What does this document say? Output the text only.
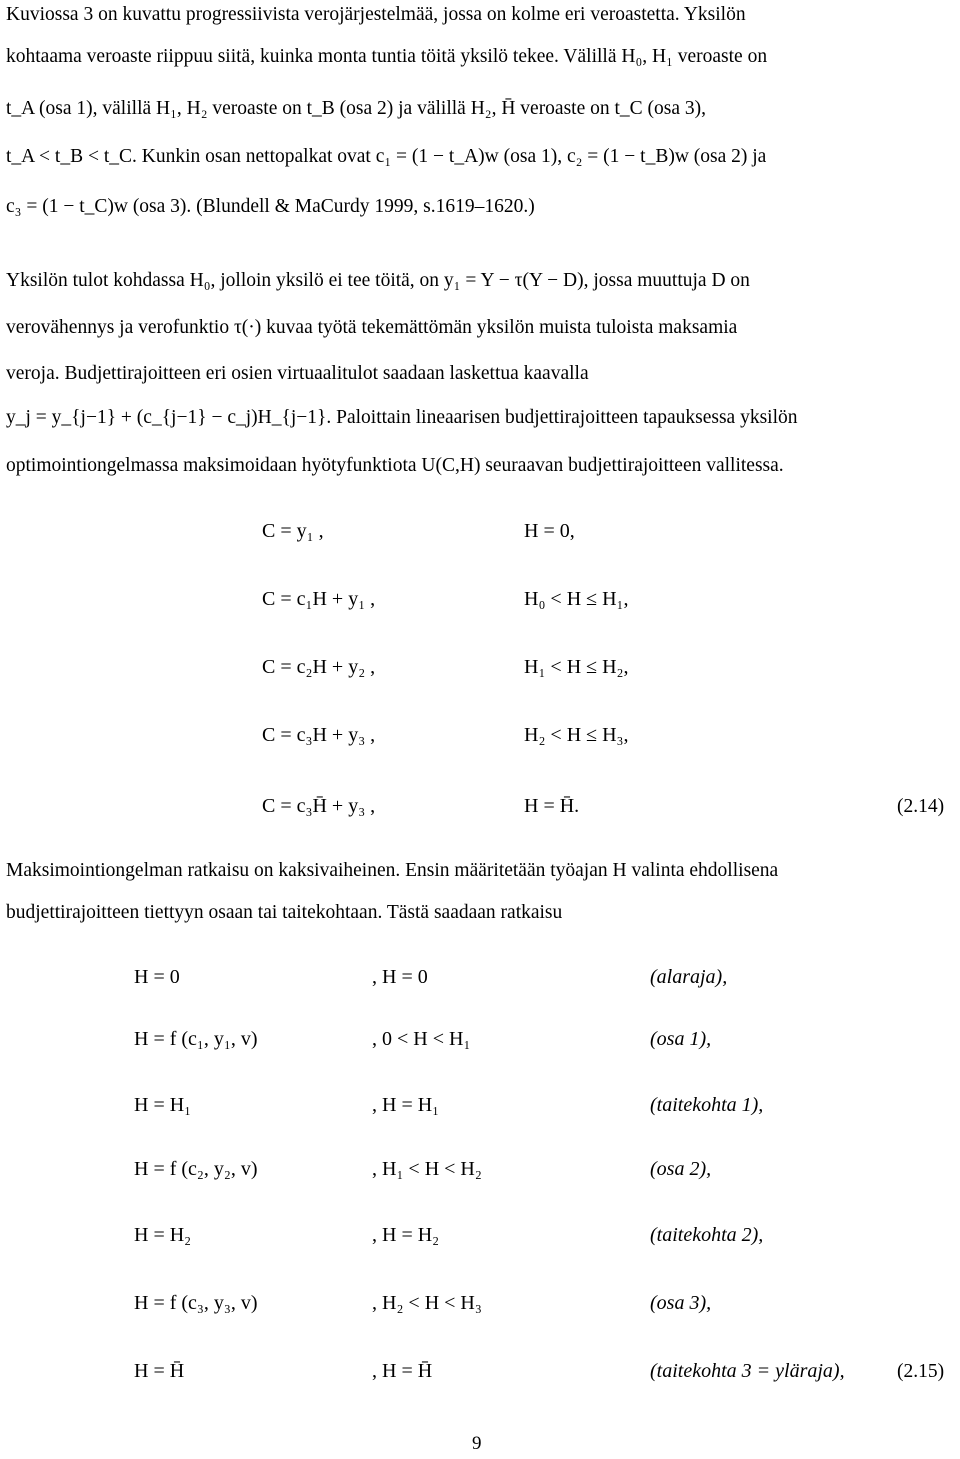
Kuviossa 3 on kuvattu progressiivista verojärjestelmää, jossa on kolme eri veroastetta. Yksilön
kohtaama veroaste riippuu siitä, kuinka monta tuntia töitä yksilö tekee. Välillä H₀, H₁ veroaste on
t_A (osa 1), välillä H₁, H₂ veroaste on t_B (osa 2) ja välillä H₂, H̄ veroaste on t_C (osa 3),
t_A < t_B < t_C. Kunkin osan nettopalkat ovat c₁ = (1 − t_A)w (osa 1), c₂ = (1 − t_B)w (osa 2) ja
c₃ = (1 − t_C)w (osa 3). (Blundell & MaCurdy 1999, s.1619–1620.)
Yksilön tulot kohdassa H₀, jolloin yksilö ei tee töitä, on y₁ = Y − τ(Y − D), jossa muuttuja D on
verovähennys ja verofunktio τ(·) kuvaa työtä tekemättömän yksilön muista tuloista maksamia
veroja. Budjettirajoitteen eri osien virtuaalitulot saadaan laskettua kaavalla
y_j = y_{j−1} + (c_{j−1} − c_j)H_{j−1}. Paloittain lineaarisen budjettirajoitteen tapauksessa yksilön
optimointiongelmassa maksimoidaan hyötyfunktiota U(C,H) seuraavan budjettirajoitteen vallitessa.
C = y₁ ,	H = 0,
C = c₁H + y₁ ,	H₀ < H ≤ H₁,
C = c₂H + y₂ ,	H₁ < H ≤ H₂,
C = c₃H + y₃ ,	H₂ < H ≤ H₃,
C = c₃H̄ + y₃ ,	H = H̄.	(2.14)
Maksimointiongelman ratkaisu on kaksivaiheinen. Ensin määritetään työajan H valinta ehdollisena
budjettirajoitteen tiettyyn osaan tai taitekohtaan. Tästä saadaan ratkaisu
H = 0	, H = 0	(alaraja),
H = f (c₁, y₁, v)	, 0 < H < H₁	(osa 1),
H = H₁	, H = H₁	(taitekohta 1),
H = f (c₂, y₂, v)	, H₁ < H < H₂	(osa 2),
H = H₂	, H = H₂	(taitekohta 2),
H = f (c₃, y₃, v)	, H₂ < H < H₃	(osa 3),
H = H̄	, H = H̄	(taitekohta 3 = yläraja),	(2.15)
9
